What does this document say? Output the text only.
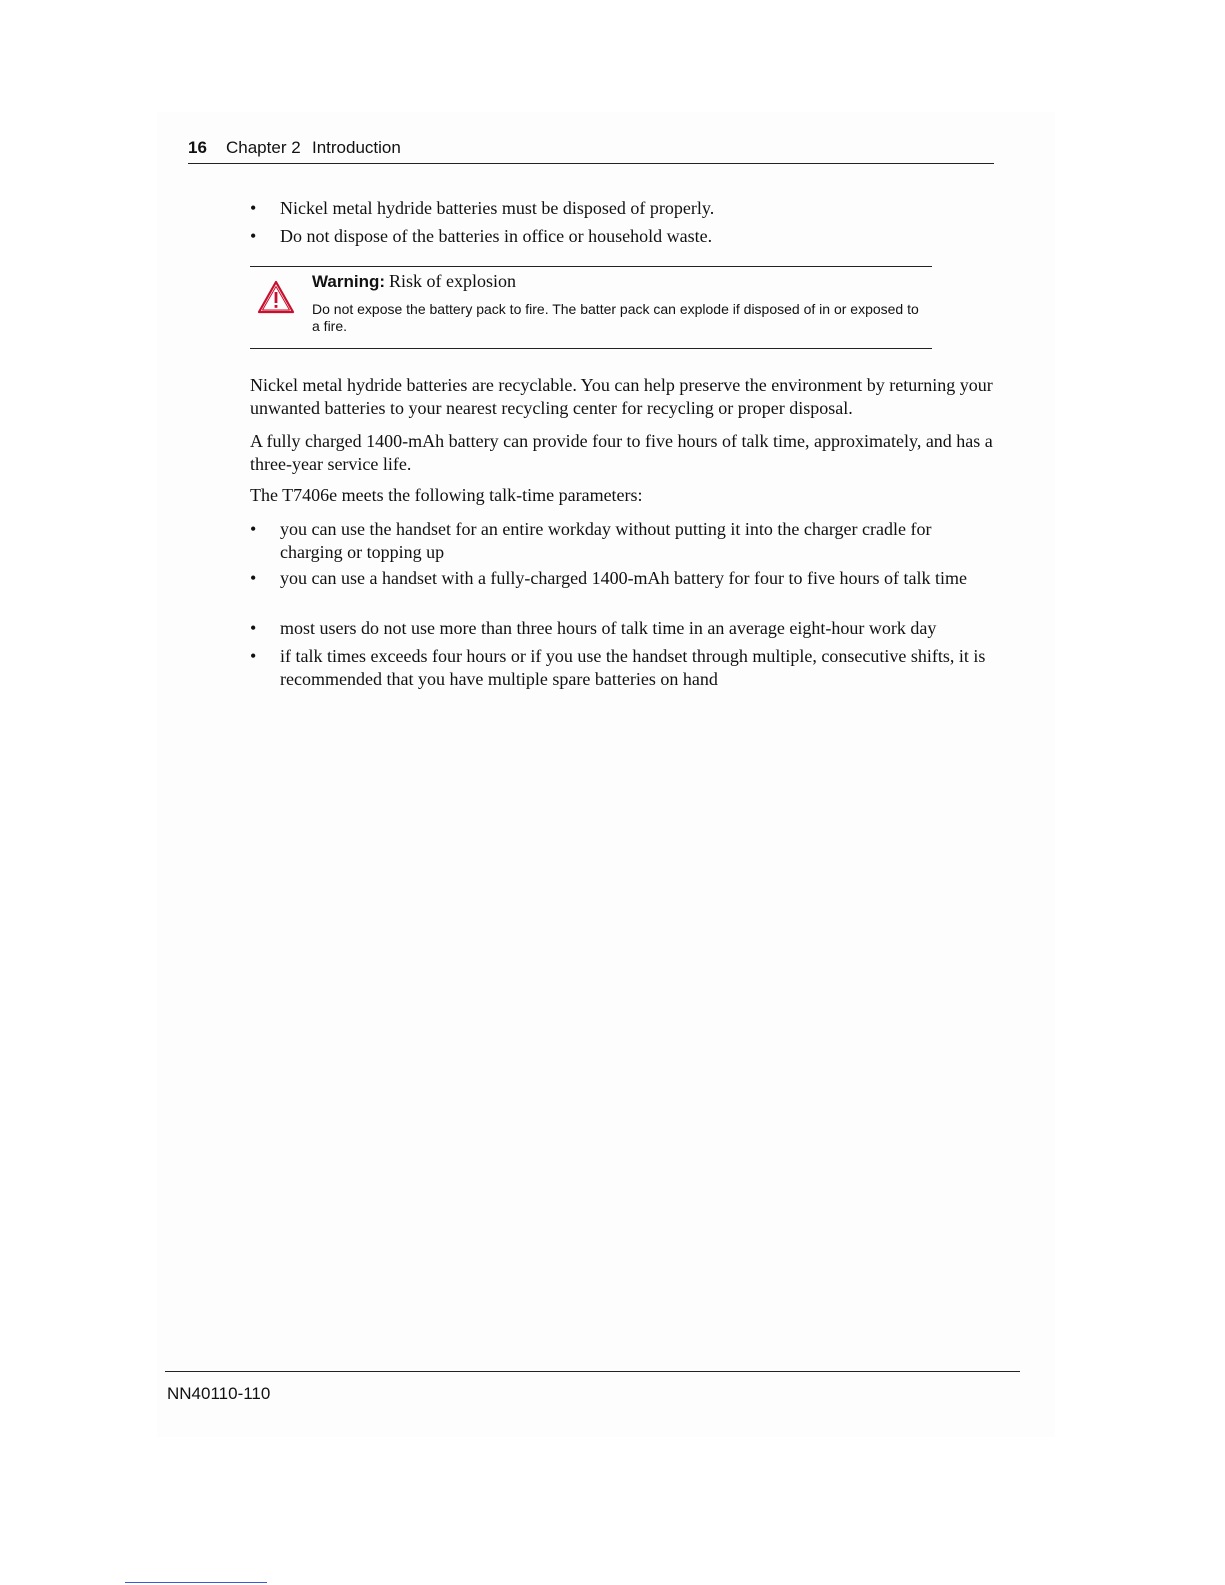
16 Chapter 2 Introduction
• Nickel metal hydride batteries must be disposed of properly.
• Do not dispose of the batteries in office or household waste.
Warning: Risk of explosion
Do not expose the battery pack to fire. The batter pack can explode if disposed of in or exposed to a fire.
Nickel metal hydride batteries are recyclable. You can help preserve the environment by returning your unwanted batteries to your nearest recycling center for recycling or proper disposal.
A fully charged 1400-mAh battery can provide four to five hours of talk time, approximately, and has a three-year service life.
The T7406e meets the following talk-time parameters:
• you can use the handset for an entire workday without putting it into the charger cradle for charging or topping up
• you can use a handset with a fully-charged 1400-mAh battery for four to five hours of talk time
• most users do not use more than three hours of talk time in an average eight-hour work day
• if talk times exceeds four hours or if you use the handset through multiple, consecutive shifts, it is recommended that you have multiple spare batteries on hand
NN40110-110
